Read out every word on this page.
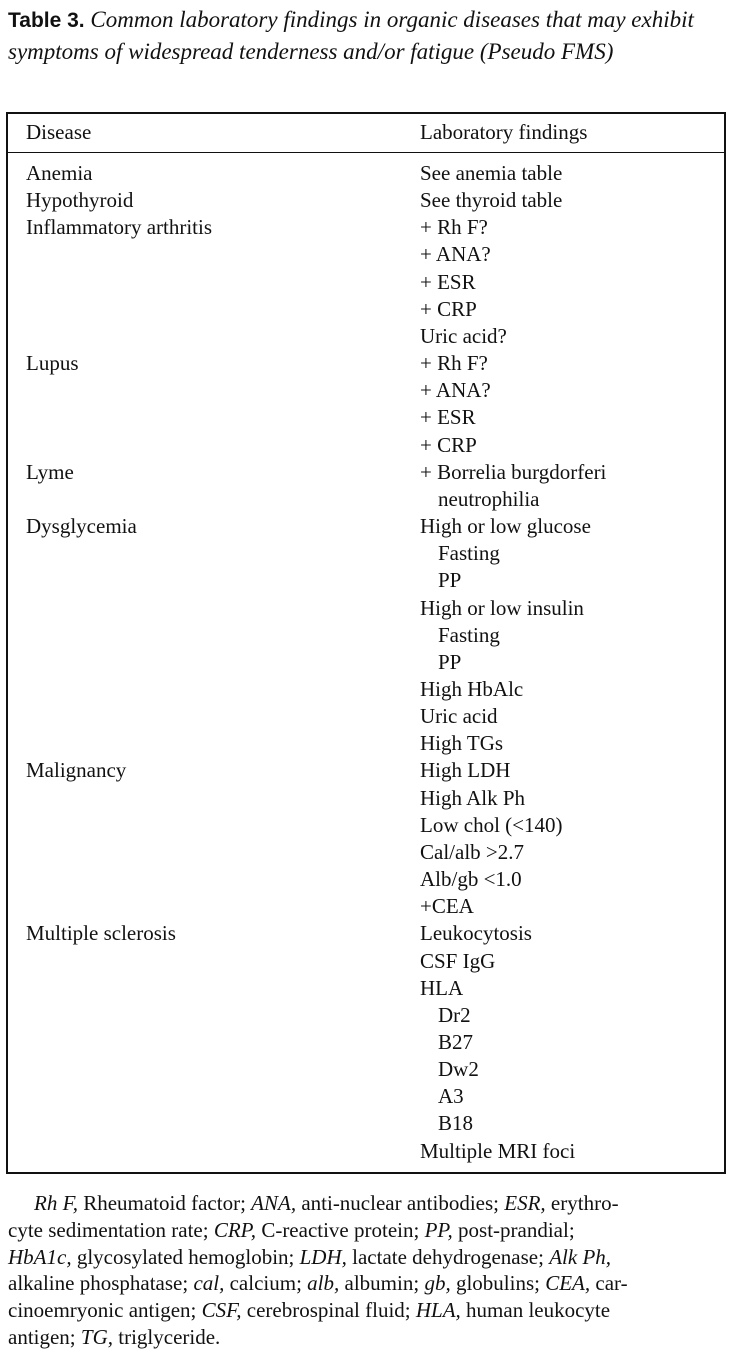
Table 3. Common laboratory findings in organic diseases that may exhibit symptoms of widespread tenderness and/or fatigue (Pseudo FMS)
Disease	Laboratory findings
Anemia	See anemia table
Hypothyroid	See thyroid table
Inflammatory arthritis	+ Rh F?
+ ANA?
+ ESR
+ CRP
Uric acid?
Lupus	+ Rh F?
+ ANA?
+ ESR
+ CRP
Lyme	+ Borrelia burgdorferi
neutrophilia
Dysglycemia	High or low glucose
Fasting
PP
High or low insulin
Fasting
PP
High HbAlc
Uric acid
High TGs
Malignancy	High LDH
High Alk Ph
Low chol (<140)
Cal/alb >2.7
Alb/gb <1.0
+CEA
Multiple sclerosis	Leukocytosis
CSF IgG
HLA
Dr2
B27
Dw2
A3
B18
Multiple MRI foci
Rh F, Rheumatoid factor; ANA, anti-nuclear antibodies; ESR, erythro-
cyte sedimentation rate; CRP, C-reactive protein; PP, post-prandial;
HbA1c, glycosylated hemoglobin; LDH, lactate dehydrogenase; Alk Ph,
alkaline phosphatase; cal, calcium; alb, albumin; gb, globulins; CEA, car-
cinoemryonic antigen; CSF, cerebrospinal fluid; HLA, human leukocyte
antigen; TG, triglyceride.
